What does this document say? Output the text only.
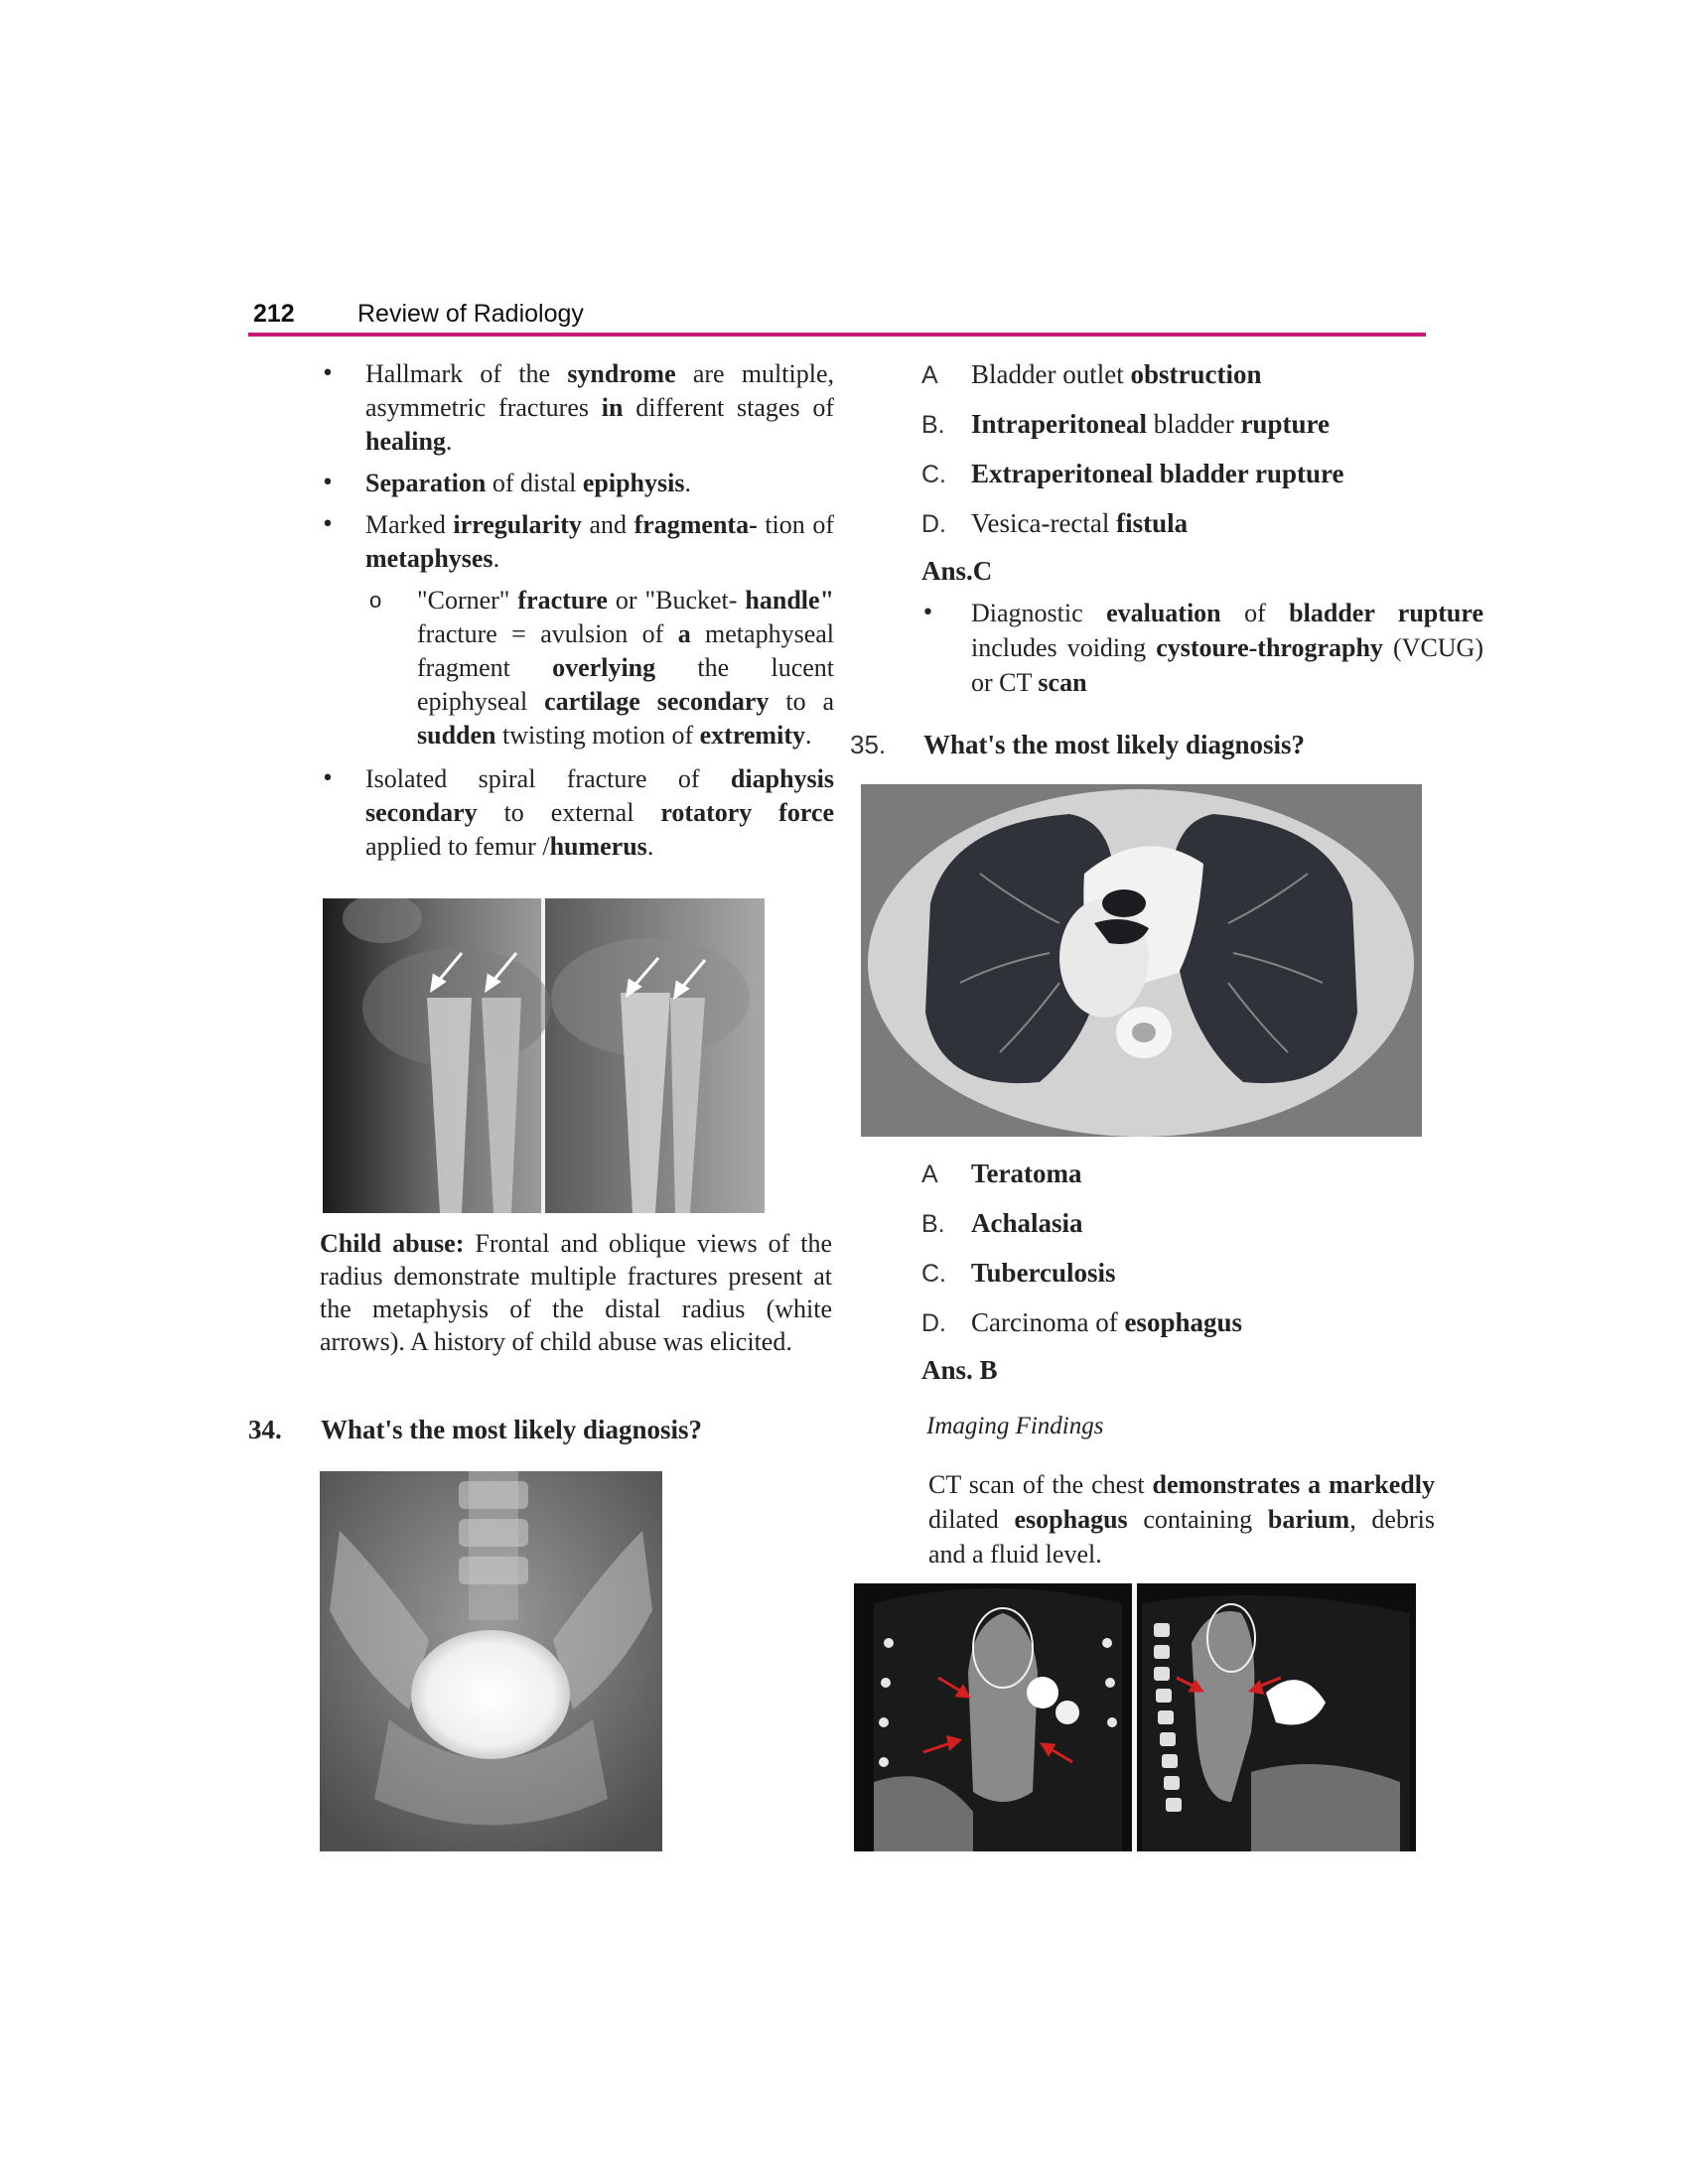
212	Review of Radiology
• Hallmark of the syndrome are multiple, asymmetric fractures in different stages of healing.
• Separation of distal epiphysis.
• Marked irregularity and fragmenta- tion of metaphyses.
o "Corner" fracture or "Bucket- handle" fracture = avulsion of a metaphyseal fragment overlying the lucent epiphyseal cartilage secondary to a sudden twisting motion of extremity.
• Isolated spiral fracture of diaphysis secondary to external rotatory force applied to femur /humerus.
Child abuse: Frontal and oblique views of the radius demonstrate multiple fractures present at the metaphysis of the distal radius (white arrows). A history of child abuse was elicited.
34. What's the most likely diagnosis?
A Bladder outlet obstruction
B. Intraperitoneal bladder rupture
C. Extraperitoneal bladder rupture
D. Vesica-rectal fistula
Ans.C
• Diagnostic evaluation of bladder rupture includes voiding cystoure-thrography (VCUG) or CT scan
35. What's the most likely diagnosis?
A Teratoma
B. Achalasia
C. Tuberculosis
D. Carcinoma of esophagus
Ans. B
Imaging Findings
CT scan of the chest demonstrates a markedly dilated esophagus containing barium, debris and a fluid level.
